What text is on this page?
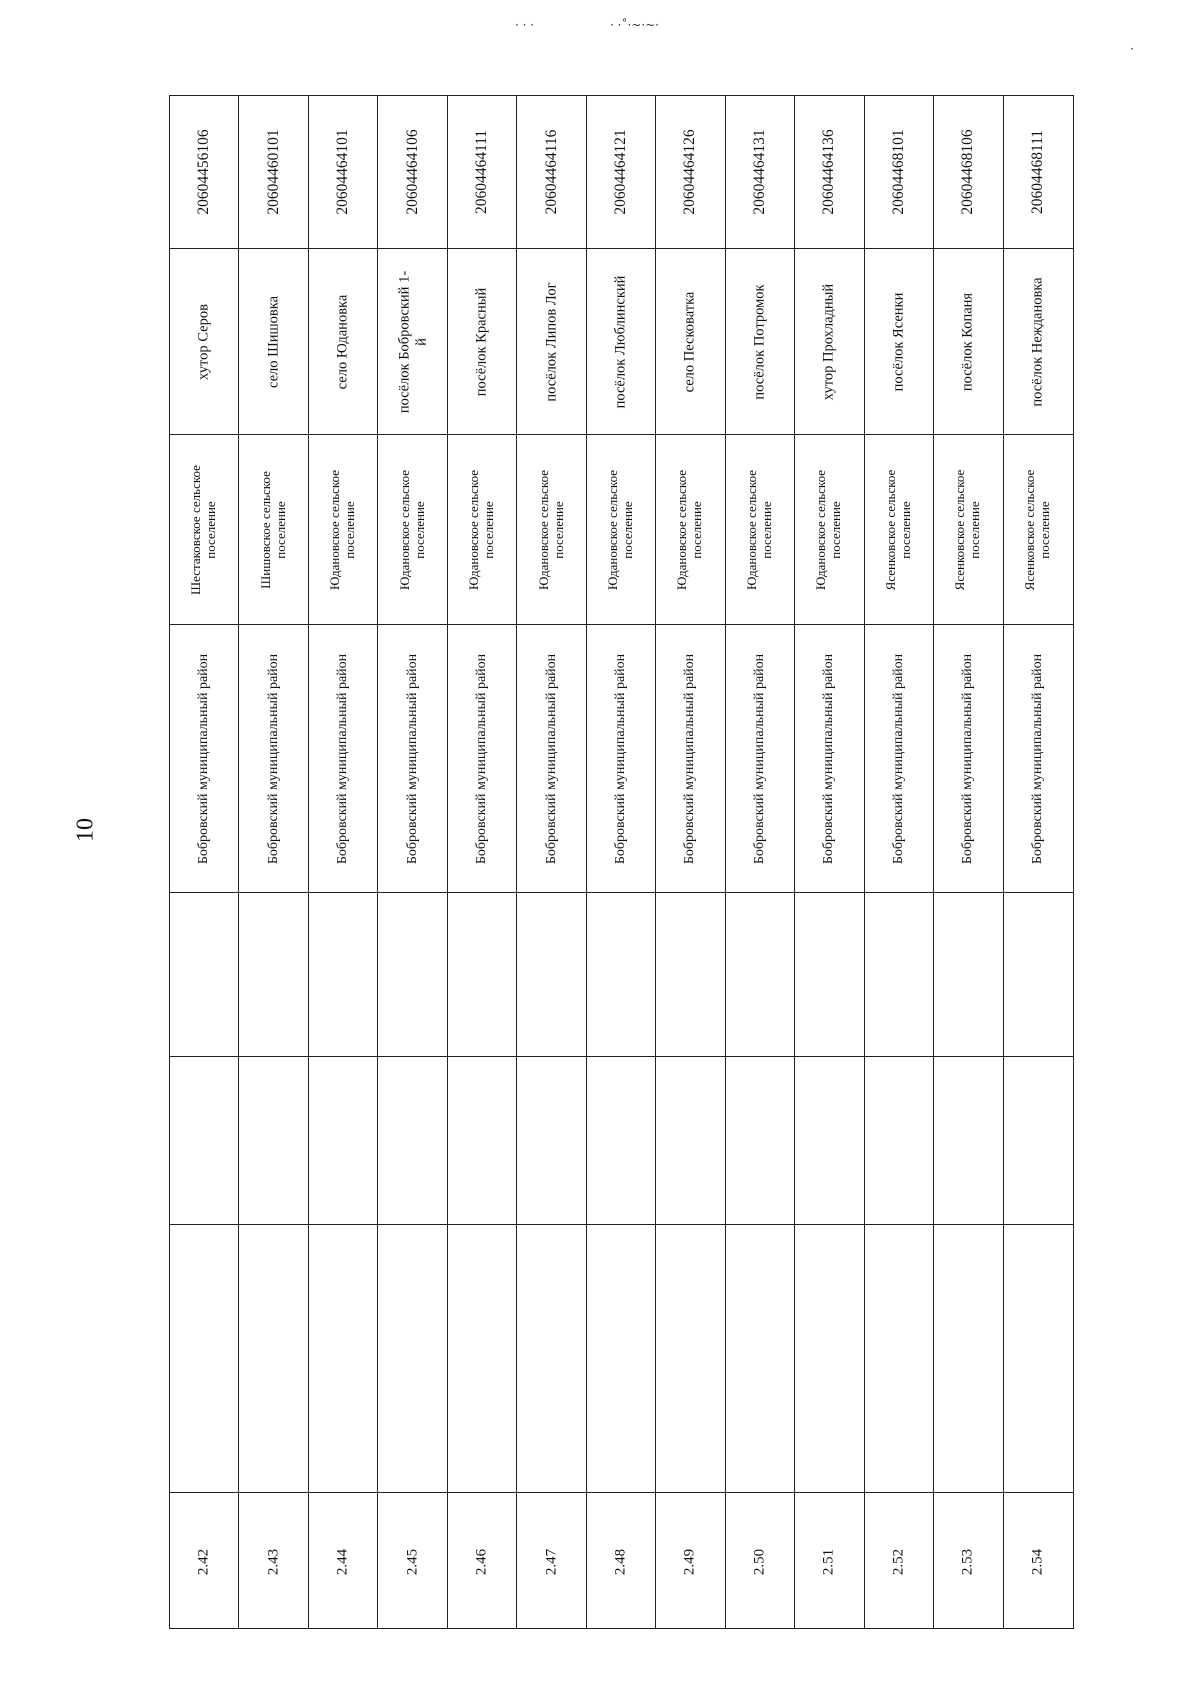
10
· · ·	· ·˚·~·~·
·
20604456106
хутор Серов
Шестаковское сельское поселение
Бобровский муниципальный район
2.42
20604460101
село Шишовка
Шишовское сельское поселение
Бобровский муниципальный район
2.43
20604464101
село Юдановка
Юдановское сельское поселение
Бобровский муниципальный район
2.44
20604464106
посёлок Бобровский 1-й
Юдановское сельское поселение
Бобровский муниципальный район
2.45
20604464111
посёлок Красный
Юдановское сельское поселение
Бобровский муниципальный район
2.46
20604464116
посёлок Липов Лог
Юдановское сельское поселение
Бобровский муниципальный район
2.47
20604464121
посёлок Люблинский
Юдановское сельское поселение
Бобровский муниципальный район
2.48
20604464126
село Песковатка
Юдановское сельское поселение
Бобровский муниципальный район
2.49
20604464131
посёлок Потромок
Юдановское сельское поселение
Бобровский муниципальный район
2.50
20604464136
хутор Прохладный
Юдановское сельское поселение
Бобровский муниципальный район
2.51
20604468101
посёлок Ясенки
Ясенковское сельское поселение
Бобровский муниципальный район
2.52
20604468106
посёлок Копаня
Ясенковское сельское поселение
Бобровский муниципальный район
2.53
20604468111
посёлок Нежданoвка
Ясенковское сельское поселение
Бобровский муниципальный район
2.54
